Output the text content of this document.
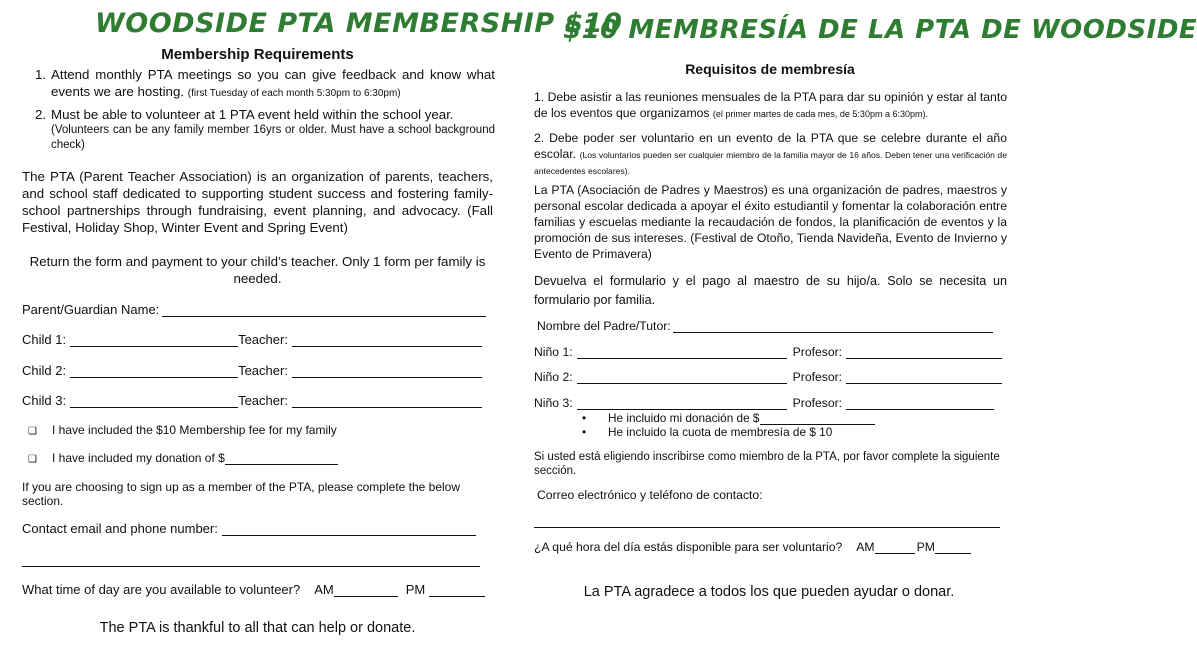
WOODSIDE PTA MEMBERSHIP $10
Membership Requirements
1. Attend monthly PTA meetings so you can give feedback and know what events we are hosting. (first Tuesday of each month 5:30pm to 6:30pm)
2. Must be able to volunteer at 1 PTA event held within the school year.

(Volunteers can be any family member 16yrs or older. Must have a school background check)
The PTA (Parent Teacher Association) is an organization of parents, teachers, and school staff dedicated to supporting student success and fostering family-school partnerships through fundraising, event planning, and advocacy. (Fall Festival, Holiday Shop, Winter Event and Spring Event)
Return the form and payment to your child’s teacher. Only 1 form per family is needed.
Parent/Guardian Name:
Child 1:	Teacher:
Child 2:	Teacher:
Child 3:	Teacher:
❑	I have included the $10 Membership fee for my family
❑	I have included my donation of $
If you are choosing to sign up as a member of the PTA, please complete the below section.
Contact email and phone number:
What time of day are you available to volunteer? AM	PM
The PTA is thankful to all that can help or donate.
$10 MEMBRESÍA DE LA PTA DE WOODSIDE
Requisitos de membresía
1. Debe asistir a las reuniones mensuales de la PTA para dar su opinión y estar al tanto de los eventos que organizamos (el primer martes de cada mes, de 5:30pm a 6:30pm).
2. Debe poder ser voluntario en un evento de la PTA que se celebre durante el año escolar. (Los voluntarios pueden ser cualquier miembro de la familia mayor de 16 años. Deben tener una verificación de antecedentes escolares).
La PTA (Asociación de Padres y Maestros) es una organización de padres, maestros y personal escolar dedicada a apoyar el éxito estudiantil y fomentar la colaboración entre familias y escuelas mediante la recaudación de fondos, la planificación de eventos y la promoción de sus intereses. (Festival de Otoño, Tienda Navideña, Evento de Invierno y Evento de Primavera)
Devuelva el formulario y el pago al maestro de su hijo/a. Solo se necesita un formulario por familia.
Nombre del Padre/Tutor:
Niño 1:	Profesor:
Niño 2:	Profesor:
Niño 3:	Profesor:
•	He incluido mi donación de $
•	He incluido la cuota de membresía de $ 10
Si usted está eligiendo inscribirse como miembro de la PTA, por favor complete la siguiente sección.
Correo electrónico y teléfono de contacto:
¿A qué hora del día estás disponible para ser voluntario? AM	PM
La PTA agradece a todos los que pueden ayudar o donar.
